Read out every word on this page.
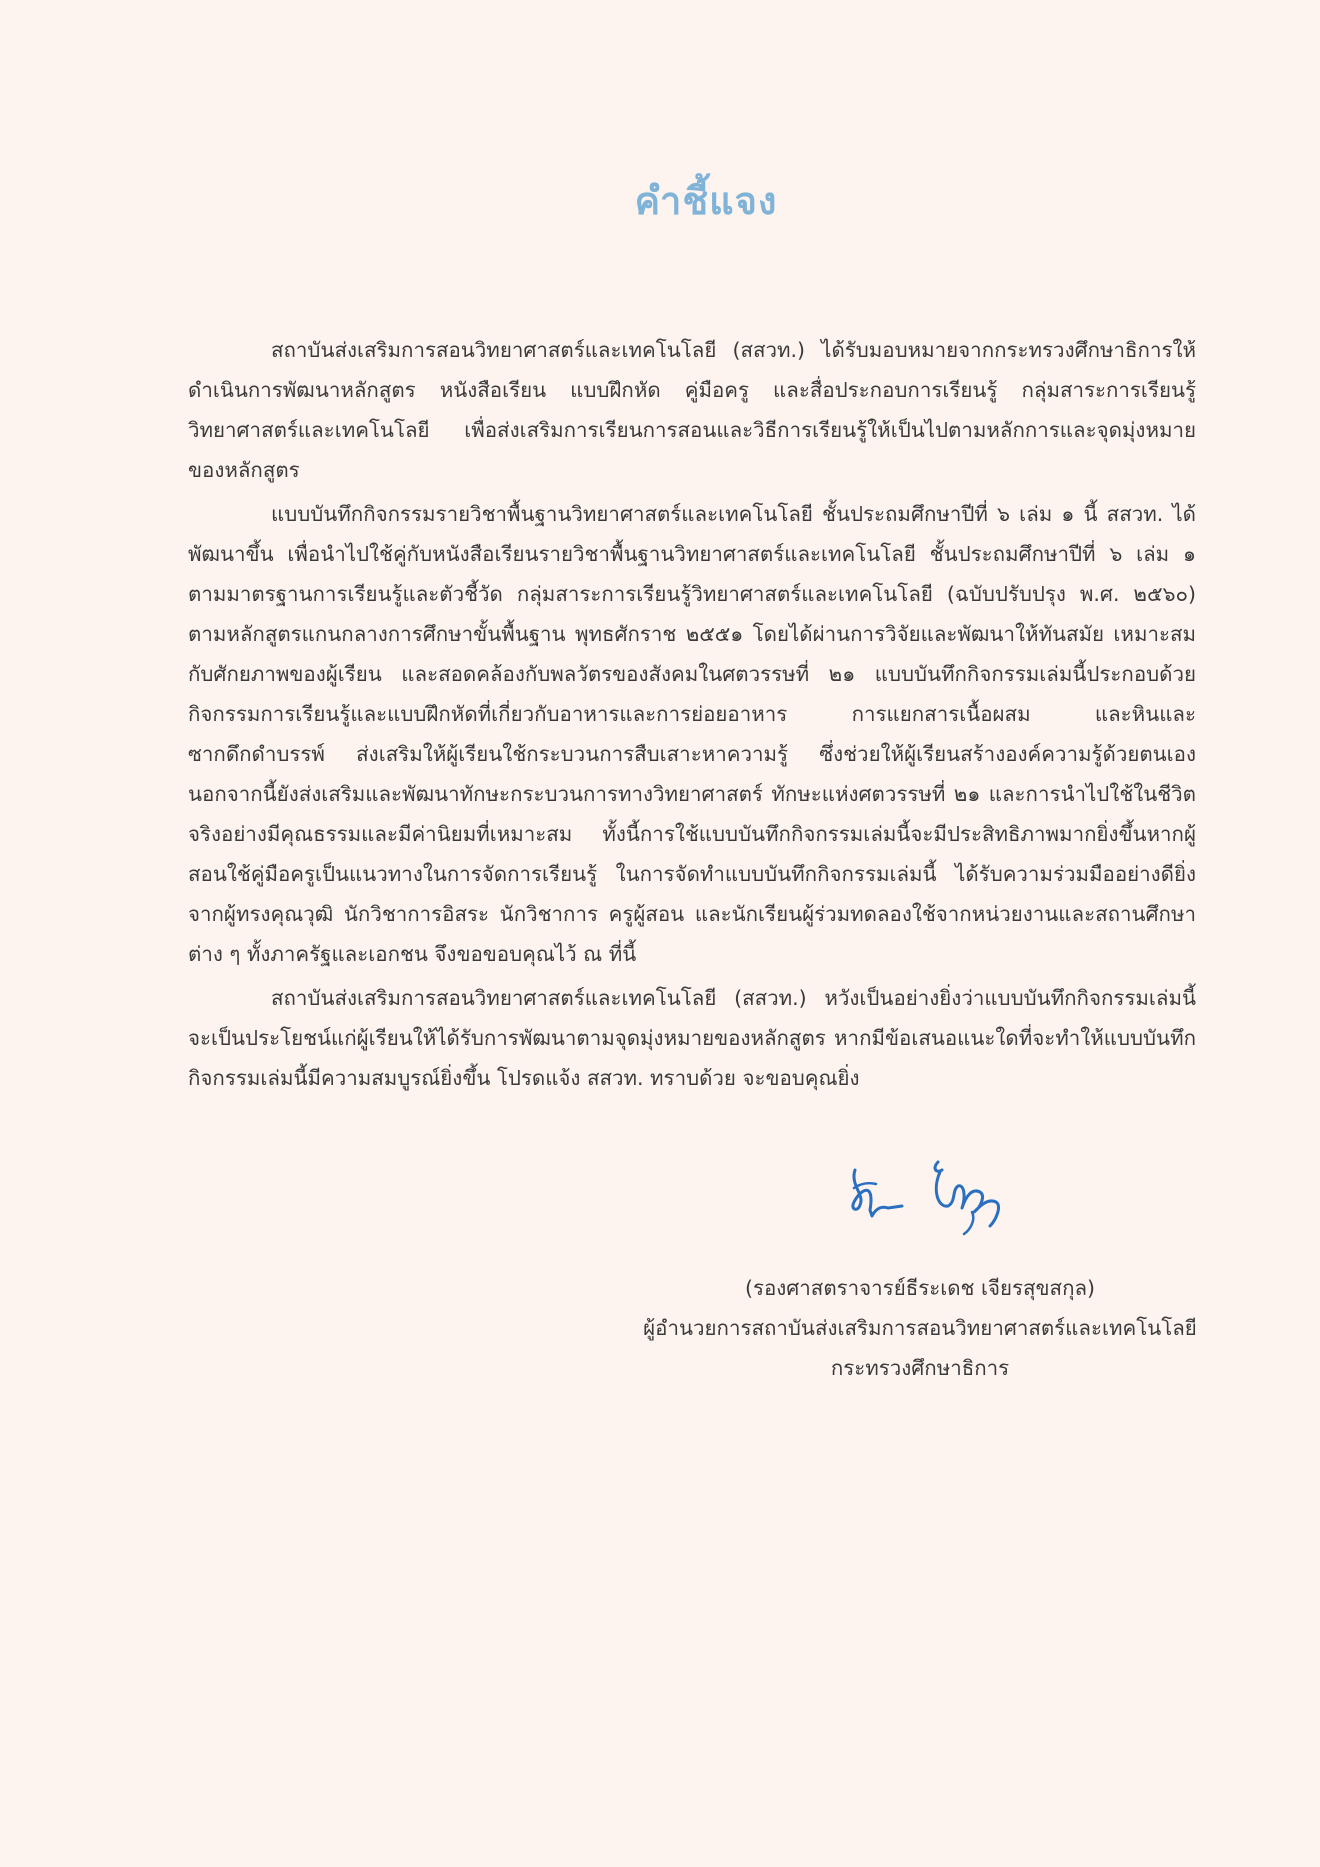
คำชี้แจง

สถาบันส่งเสริมการสอนวิทยาศาสตร์และเทคโนโลยี (สสวท.) ได้รับมอบหมายจากกระทรวงศึกษาธิการให้ดำเนินการพัฒนาหลักสูตร หนังสือเรียน แบบฝึกหัด คู่มือครู และสื่อประกอบการเรียนรู้ กลุ่มสาระการเรียนรู้วิทยาศาสตร์และเทคโนโลยี เพื่อส่งเสริมการเรียนการสอนและวิธีการเรียนรู้ให้เป็นไปตามหลักการและจุดมุ่งหมายของหลักสูตร

แบบบันทึกกิจกรรมรายวิชาพื้นฐานวิทยาศาสตร์และเทคโนโลยี ชั้นประถมศึกษาปีที่ ๖ เล่ม ๑ นี้ สสวท. ได้พัฒนาขึ้น เพื่อนำไปใช้คู่กับหนังสือเรียนรายวิชาพื้นฐานวิทยาศาสตร์และเทคโนโลยี ชั้นประถมศึกษาปีที่ ๖ เล่ม ๑ ตามมาตรฐานการเรียนรู้และตัวชี้วัด กลุ่มสาระการเรียนรู้วิทยาศาสตร์และเทคโนโลยี (ฉบับปรับปรุง พ.ศ. ๒๕๖๐) ตามหลักสูตรแกนกลางการศึกษาขั้นพื้นฐาน พุทธศักราช ๒๕๕๑ โดยได้ผ่านการวิจัยและพัฒนาให้ทันสมัย เหมาะสมกับศักยภาพของผู้เรียน และสอดคล้องกับพลวัตรของสังคมในศตวรรษที่ ๒๑ แบบบันทึกกิจกรรมเล่มนี้ประกอบด้วยกิจกรรมการเรียนรู้และแบบฝึกหัดที่เกี่ยวกับอาหารและการย่อยอาหาร การแยกสารเนื้อผสม และหินและซากดึกดำบรรพ์ ส่งเสริมให้ผู้เรียนใช้กระบวนการสืบเสาะหาความรู้ ซึ่งช่วยให้ผู้เรียนสร้างองค์ความรู้ด้วยตนเอง นอกจากนี้ยังส่งเสริมและพัฒนาทักษะกระบวนการทางวิทยาศาสตร์ ทักษะแห่งศตวรรษที่ ๒๑ และการนำไปใช้ในชีวิตจริงอย่างมีคุณธรรมและมีค่านิยมที่เหมาะสม ทั้งนี้การใช้แบบบันทึกกิจกรรมเล่มนี้จะมีประสิทธิภาพมากยิ่งขึ้นหากผู้สอนใช้คู่มือครูเป็นแนวทางในการจัดการเรียนรู้ ในการจัดทำแบบบันทึกกิจกรรมเล่มนี้ ได้รับความร่วมมืออย่างดียิ่งจากผู้ทรงคุณวุฒิ นักวิชาการอิสระ นักวิชาการ ครูผู้สอน และนักเรียนผู้ร่วมทดลองใช้จากหน่วยงานและสถานศึกษาต่าง ๆ ทั้งภาครัฐและเอกชน จึงขอขอบคุณไว้ ณ ที่นี้

สถาบันส่งเสริมการสอนวิทยาศาสตร์และเทคโนโลยี (สสวท.) หวังเป็นอย่างยิ่งว่าแบบบันทึกกิจกรรมเล่มนี้จะเป็นประโยชน์แก่ผู้เรียนให้ได้รับการพัฒนาตามจุดมุ่งหมายของหลักสูตร หากมีข้อเสนอแนะใดที่จะทำให้แบบบันทึกกิจกรรมเล่มนี้มีความสมบูรณ์ยิ่งขึ้น โปรดแจ้ง สสวท. ทราบด้วย จะขอบคุณยิ่ง

(รองศาสตราจารย์ธีระเดช เจียรสุขสกุล)
ผู้อำนวยการสถาบันส่งเสริมการสอนวิทยาศาสตร์และเทคโนโลยี
กระทรวงศึกษาธิการ
